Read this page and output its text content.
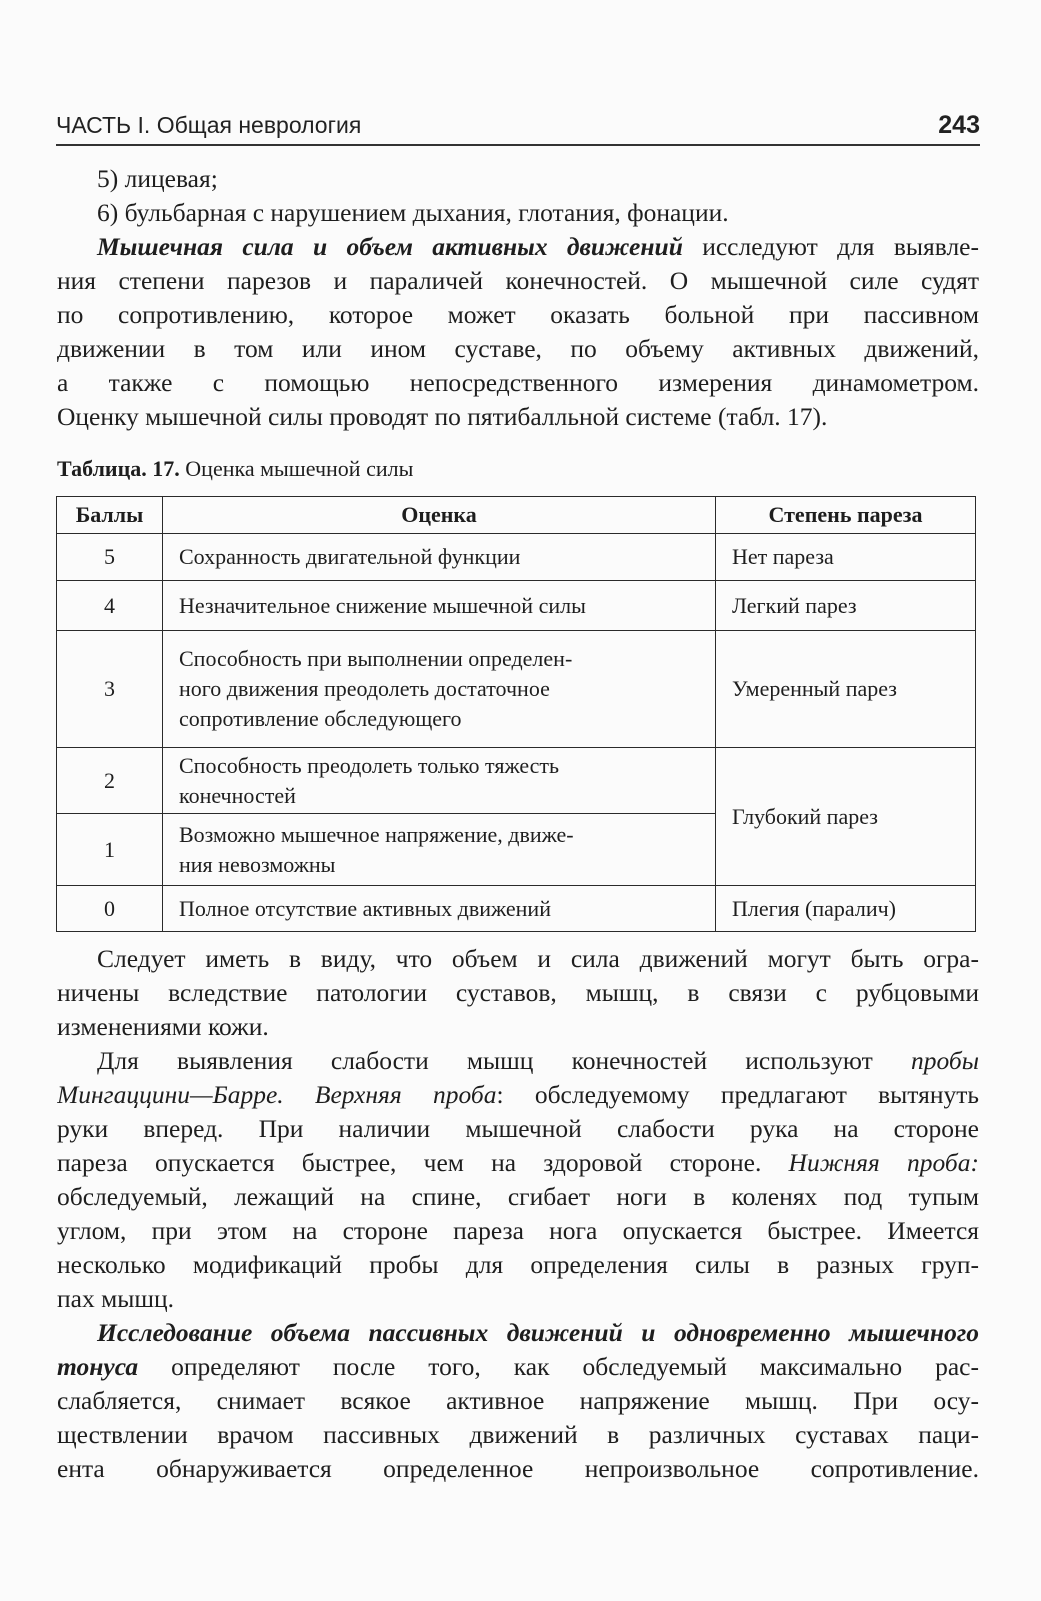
ЧАСТЬ I. Общая неврология	243
5) лицевая;
6) бульбарная с нарушением дыхания, глотания, фонации.
Мышечная сила и объем активных движений исследуют для выявле-
ния степени парезов и параличей конечностей. О мышечной силе судят
по сопротивлению, которое может оказать больной при пассивном
движении в том или ином суставе, по объему активных движений,
а также с помощью непосредственного измерения динамометром.
Оценку мышечной силы проводят по пятибалльной системе (табл. 17).
Таблица. 17. Оценка мышечной силы
Баллы	Оценка	Степень пареза
5	Сохранность двигательной функции	Нет пареза
4	Незначительное снижение мышечной силы	Легкий парез
3	Способность при выполнении определен-
ного движения преодолеть достаточное
сопротивление обследующего	Умеренный парез
2	Способность преодолеть только тяжесть
конечностей	Глубокий парез
1	Возможно мышечное напряжение, движе-
ния невозможны	

0	Полное отсутствие активных движений	Плегия (паралич)
Следует иметь в виду, что объем и сила движений могут быть огра-
ничены вследствие патологии суставов, мышц, в связи с рубцовыми
изменениями кожи.
Для выявления слабости мышц конечностей используют пробы
Мингаццини—Барре. Верхняя проба: обследуемому предлагают вытянуть
руки вперед. При наличии мышечной слабости рука на стороне
пареза опускается быстрее, чем на здоровой стороне. Нижняя проба:
обследуемый, лежащий на спине, сгибает ноги в коленях под тупым
углом, при этом на стороне пареза нога опускается быстрее. Имеется
несколько модификаций пробы для определения силы в разных груп-
пах мышц.
Исследование объема пассивных движений и одновременно мышечного
тонуса определяют после того, как обследуемый максимально рас-
слабляется, снимает всякое активное напряжение мышц. При осу-
ществлении врачом пассивных движений в различных суставах паци-
ента обнаруживается определенное непроизвольное сопротивление.
